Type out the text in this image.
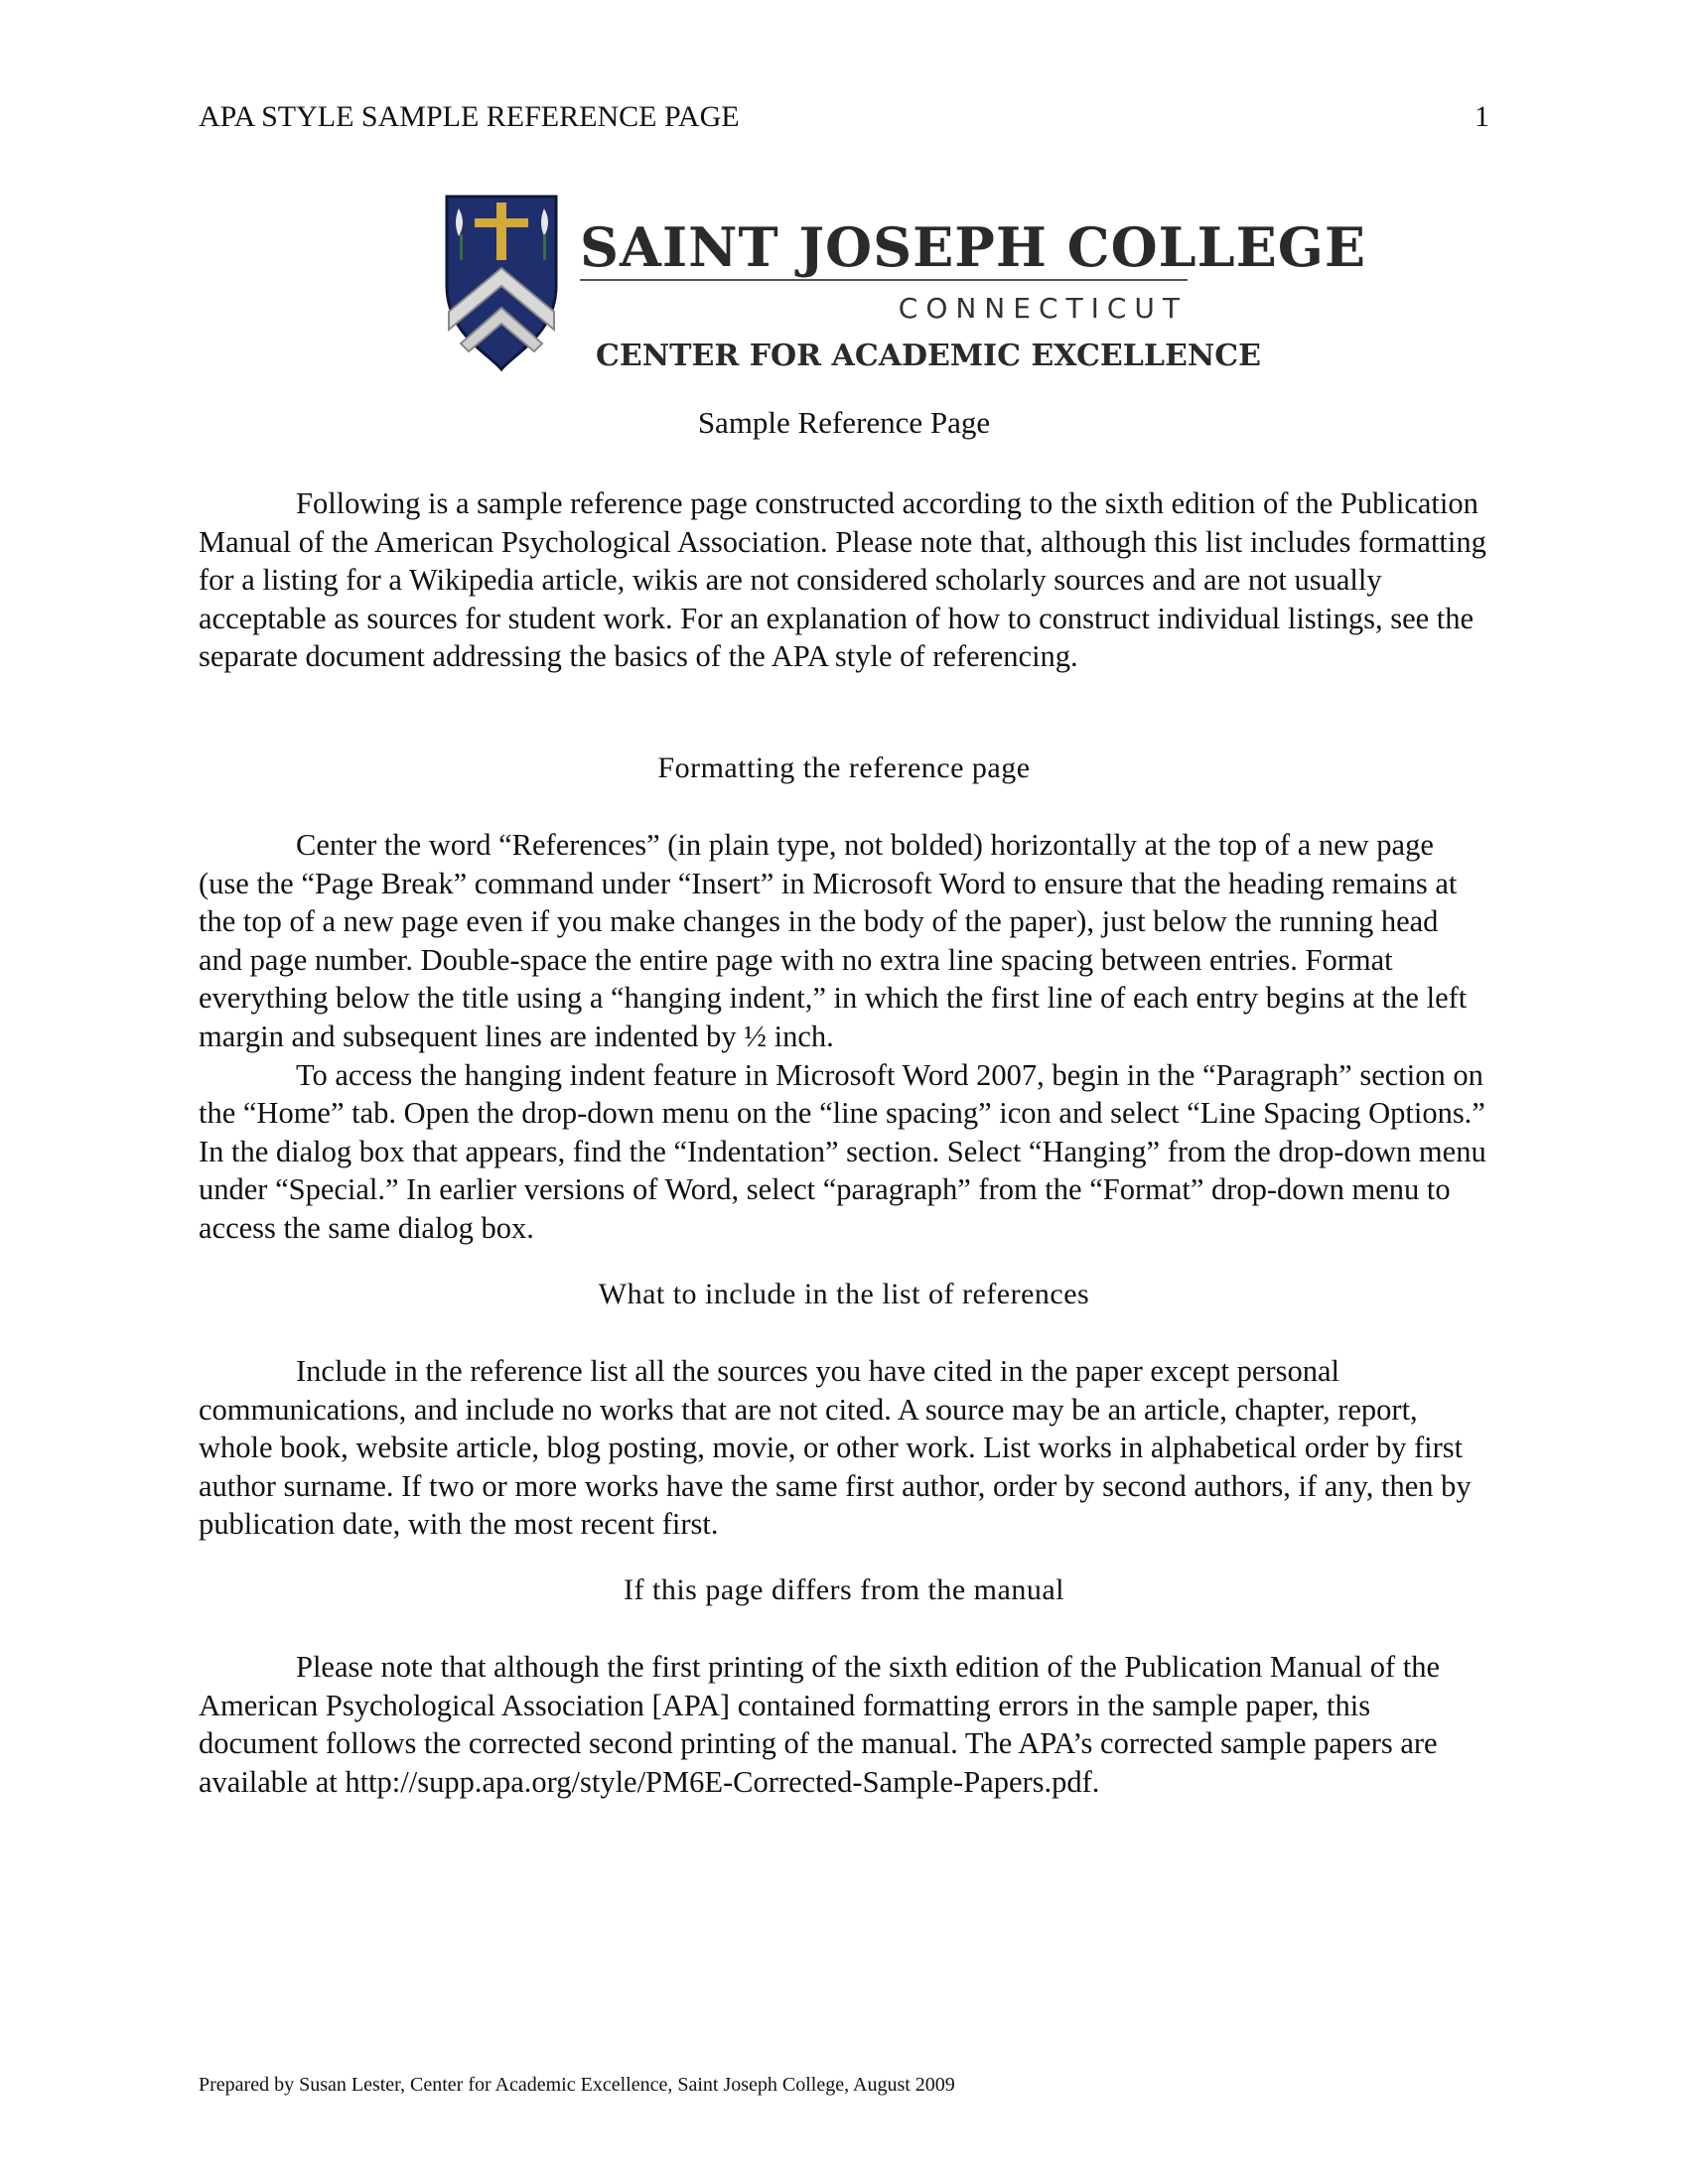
APA STYLE SAMPLE REFERENCE PAGE	1
SAINT JOSEPH COLLEGE
CONNECTICUT
CENTER FOR ACADEMIC EXCELLENCE
Sample Reference Page

Following is a sample reference page constructed according to the sixth edition of the Publication Manual of the American Psychological Association. Please note that, although this list includes formatting for a listing for a Wikipedia article, wikis are not considered scholarly sources and are not usually acceptable as sources for student work. For an explanation of how to construct individual listings, see the separate document addressing the basics of the APA style of referencing.

Formatting the reference page

Center the word “References” (in plain type, not bolded) horizontally at the top of a new page (use the “Page Break” command under “Insert” in Microsoft Word to ensure that the heading remains at the top of a new page even if you make changes in the body of the paper), just below the running head and page number. Double-space the entire page with no extra line spacing between entries. Format everything below the title using a “hanging indent,” in which the first line of each entry begins at the left margin and subsequent lines are indented by ½ inch.

To access the hanging indent feature in Microsoft Word 2007, begin in the “Paragraph” section on the “Home” tab. Open the drop-down menu on the “line spacing” icon and select “Line Spacing Options.” In the dialog box that appears, find the “Indentation” section. Select “Hanging” from the drop-down menu under “Special.” In earlier versions of Word, select “paragraph” from the “Format” drop-down menu to access the same dialog box.

What to include in the list of references

Include in the reference list all the sources you have cited in the paper except personal communications, and include no works that are not cited. A source may be an article, chapter, report, whole book, website article, blog posting, movie, or other work. List works in alphabetical order by first author surname. If two or more works have the same first author, order by second authors, if any, then by publication date, with the most recent first.

If this page differs from the manual

Please note that although the first printing of the sixth edition of the Publication Manual of the American Psychological Association [APA] contained formatting errors in the sample paper, this document follows the corrected second printing of the manual. The APA’s corrected sample papers are available at http://supp.apa.org/style/PM6E-Corrected-Sample-Papers.pdf.

Prepared by Susan Lester, Center for Academic Excellence, Saint Joseph College, August 2009
